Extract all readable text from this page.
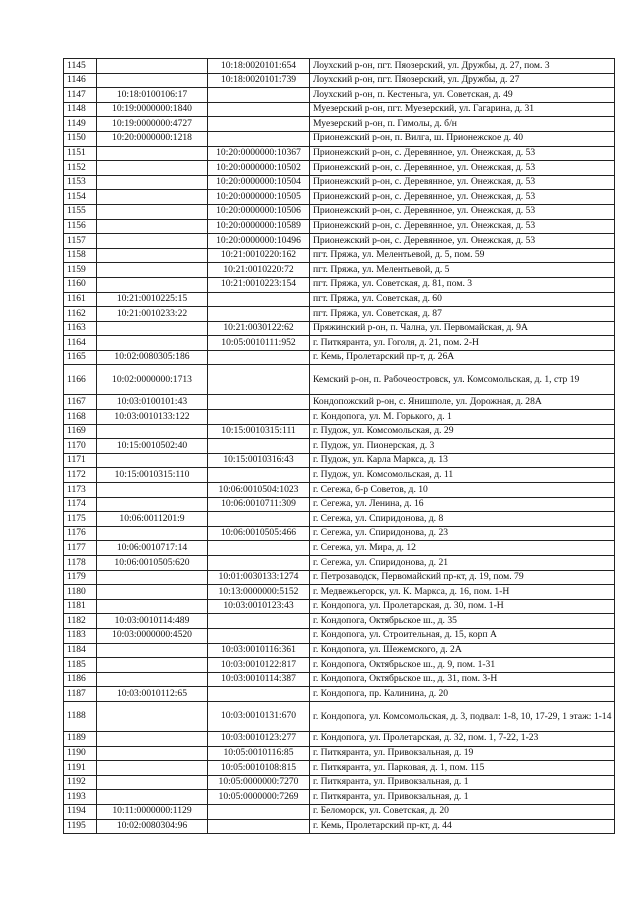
1145		10:18:0020101:654	Лоухский р-он, пгт. Пяозерский, ул. Дружбы, д. 27, пом. 3
1146		10:18:0020101:739	Лоухский р-он, пгт. Пяозерский, ул. Дружбы, д. 27
1147	10:18:0100106:17		Лоухский р-он, п. Кестеньга, ул. Советская, д. 49
1148	10:19:0000000:1840		Муезерский р-он, пгт. Муезерский, ул. Гагарина, д. 31
1149	10:19:0000000:4727		Муезерский р-он, п. Гимолы, д. б/н
1150	10:20:0000000:1218		Прионежский р-он, п. Вилга, ш. Прионежское д. 40
1151		10:20:0000000:10367	Прионежский р-он, с. Деревянное, ул. Онежская, д. 53
1152		10:20:0000000:10502	Прионежский р-он, с. Деревянное, ул. Онежская, д. 53
1153		10:20:0000000:10504	Прионежский р-он, с. Деревянное, ул. Онежская, д. 53
1154		10:20:0000000:10505	Прионежский р-он, с. Деревянное, ул. Онежская, д. 53
1155		10:20:0000000:10506	Прионежский р-он, с. Деревянное, ул. Онежская, д. 53
1156		10:20:0000000:10589	Прионежский р-он, с. Деревянное, ул. Онежская, д. 53
1157		10:20:0000000:10496	Прионежский р-он, с. Деревянное, ул. Онежская, д. 53
1158		10:21:0010220:162	пгт. Пряжа, ул. Мелентьевой, д. 5, пом. 59
1159		10:21:0010220:72	пгт. Пряжа, ул. Мелентьевой, д. 5
1160		10:21:0010223:154	пгт. Пряжа, ул. Советская, д. 81, пом. 3
1161	10:21:0010225:15		пгт. Пряжа, ул. Советская, д. 60
1162	10:21:0010233:22		пгт. Пряжа, ул. Советская, д. 87
1163		10:21:0030122:62	Пряжинский р-он, п. Чална, ул. Первомайская, д. 9А
1164		10:05:0010111:952	г. Питкяранта, ул. Гоголя, д. 21, пом. 2-Н
1165	10:02:0080305:186		г. Кемь, Пролетарский пр-т, д. 26А
1166	10:02:0000000:1713		Кемский р-он, п. Рабочеостровск, ул. Комсомольская, д. 1, стр 19
1167	10:03:0100101:43		Кондопожский р-он, с. Янишполе, ул. Дорожная, д. 28А
1168	10:03:0010133:122		г. Кондопога, ул. М. Горького, д. 1
1169		10:15:0010315:111	г. Пудож, ул. Комсомольская, д. 29
1170	10:15:0010502:40		г. Пудож, ул. Пионерская, д. 3
1171		10:15:0010316:43	г. Пудож, ул. Карла Маркса, д. 13
1172	10:15:0010315:110		г. Пудож, ул. Комсомольская, д. 11
1173		10:06:0010504:1023	г. Сегежа, б-р Советов, д. 10
1174		10:06:0010711:309	г. Сегежа, ул. Ленина, д. 16
1175	10:06:0011201:9		г. Сегежа, ул. Спиридонова, д. 8
1176		10:06:0010505:466	г. Сегежа, ул. Спиридонова, д. 23
1177	10:06:0010717:14		г. Сегежа, ул. Мира, д. 12
1178	10:06:0010505:620		г. Сегежа, ул. Спиридонова, д. 21
1179		10:01:0030133:1274	г. Петрозаводск, Первомайский пр-кт, д. 19, пом. 79
1180		10:13:0000000:5152	г. Медвежьегорск, ул. К. Маркса, д. 16, пом. 1-Н
1181		10:03:0010123:43	г. Кондопога, ул. Пролетарская, д. 30, пом. 1-Н
1182	10:03:0010114:489		г. Кондопога, Октябрьское ш., д. 35
1183	10:03:0000000:4520		г. Кондопога, ул. Строительная, д. 15, корп А
1184		10:03:0010116:361	г. Кондопога, ул. Шежемского, д. 2А
1185		10:03:0010122:817	г. Кондопога, Октябрьское ш., д. 9, пом. 1-31
1186		10:03:0010114:387	г. Кондопога, Октябрьское ш., д. 31, пом. 3-Н
1187	10:03:0010112:65		г. Кондопога, пр. Калинина, д. 20
1188		10:03:0010131:670	г. Кондопога, ул. Комсомольская, д. 3, подвал: 1-8, 10, 17-29, 1 этаж: 1-14
1189		10:03:0010123:277	г. Кондопога, ул. Пролетарская, д. 32, пом. 1, 7-22, 1-23
1190		10:05:0010116:85	г. Питкяранта, ул. Привокзальная, д. 19
1191		10:05:0010108:815	г. Питкяранта, ул. Парковая, д. 1, пом. 115
1192		10:05:0000000:7270	г. Питкяранта, ул. Привокзальная, д. 1
1193		10:05:0000000:7269	г. Питкяранта, ул. Привокзальная, д. 1
1194	10:11:0000000:1129		г. Беломорск, ул. Советская, д. 20
1195	10:02:0080304:96		г. Кемь, Пролетарский пр-кт, д. 44
